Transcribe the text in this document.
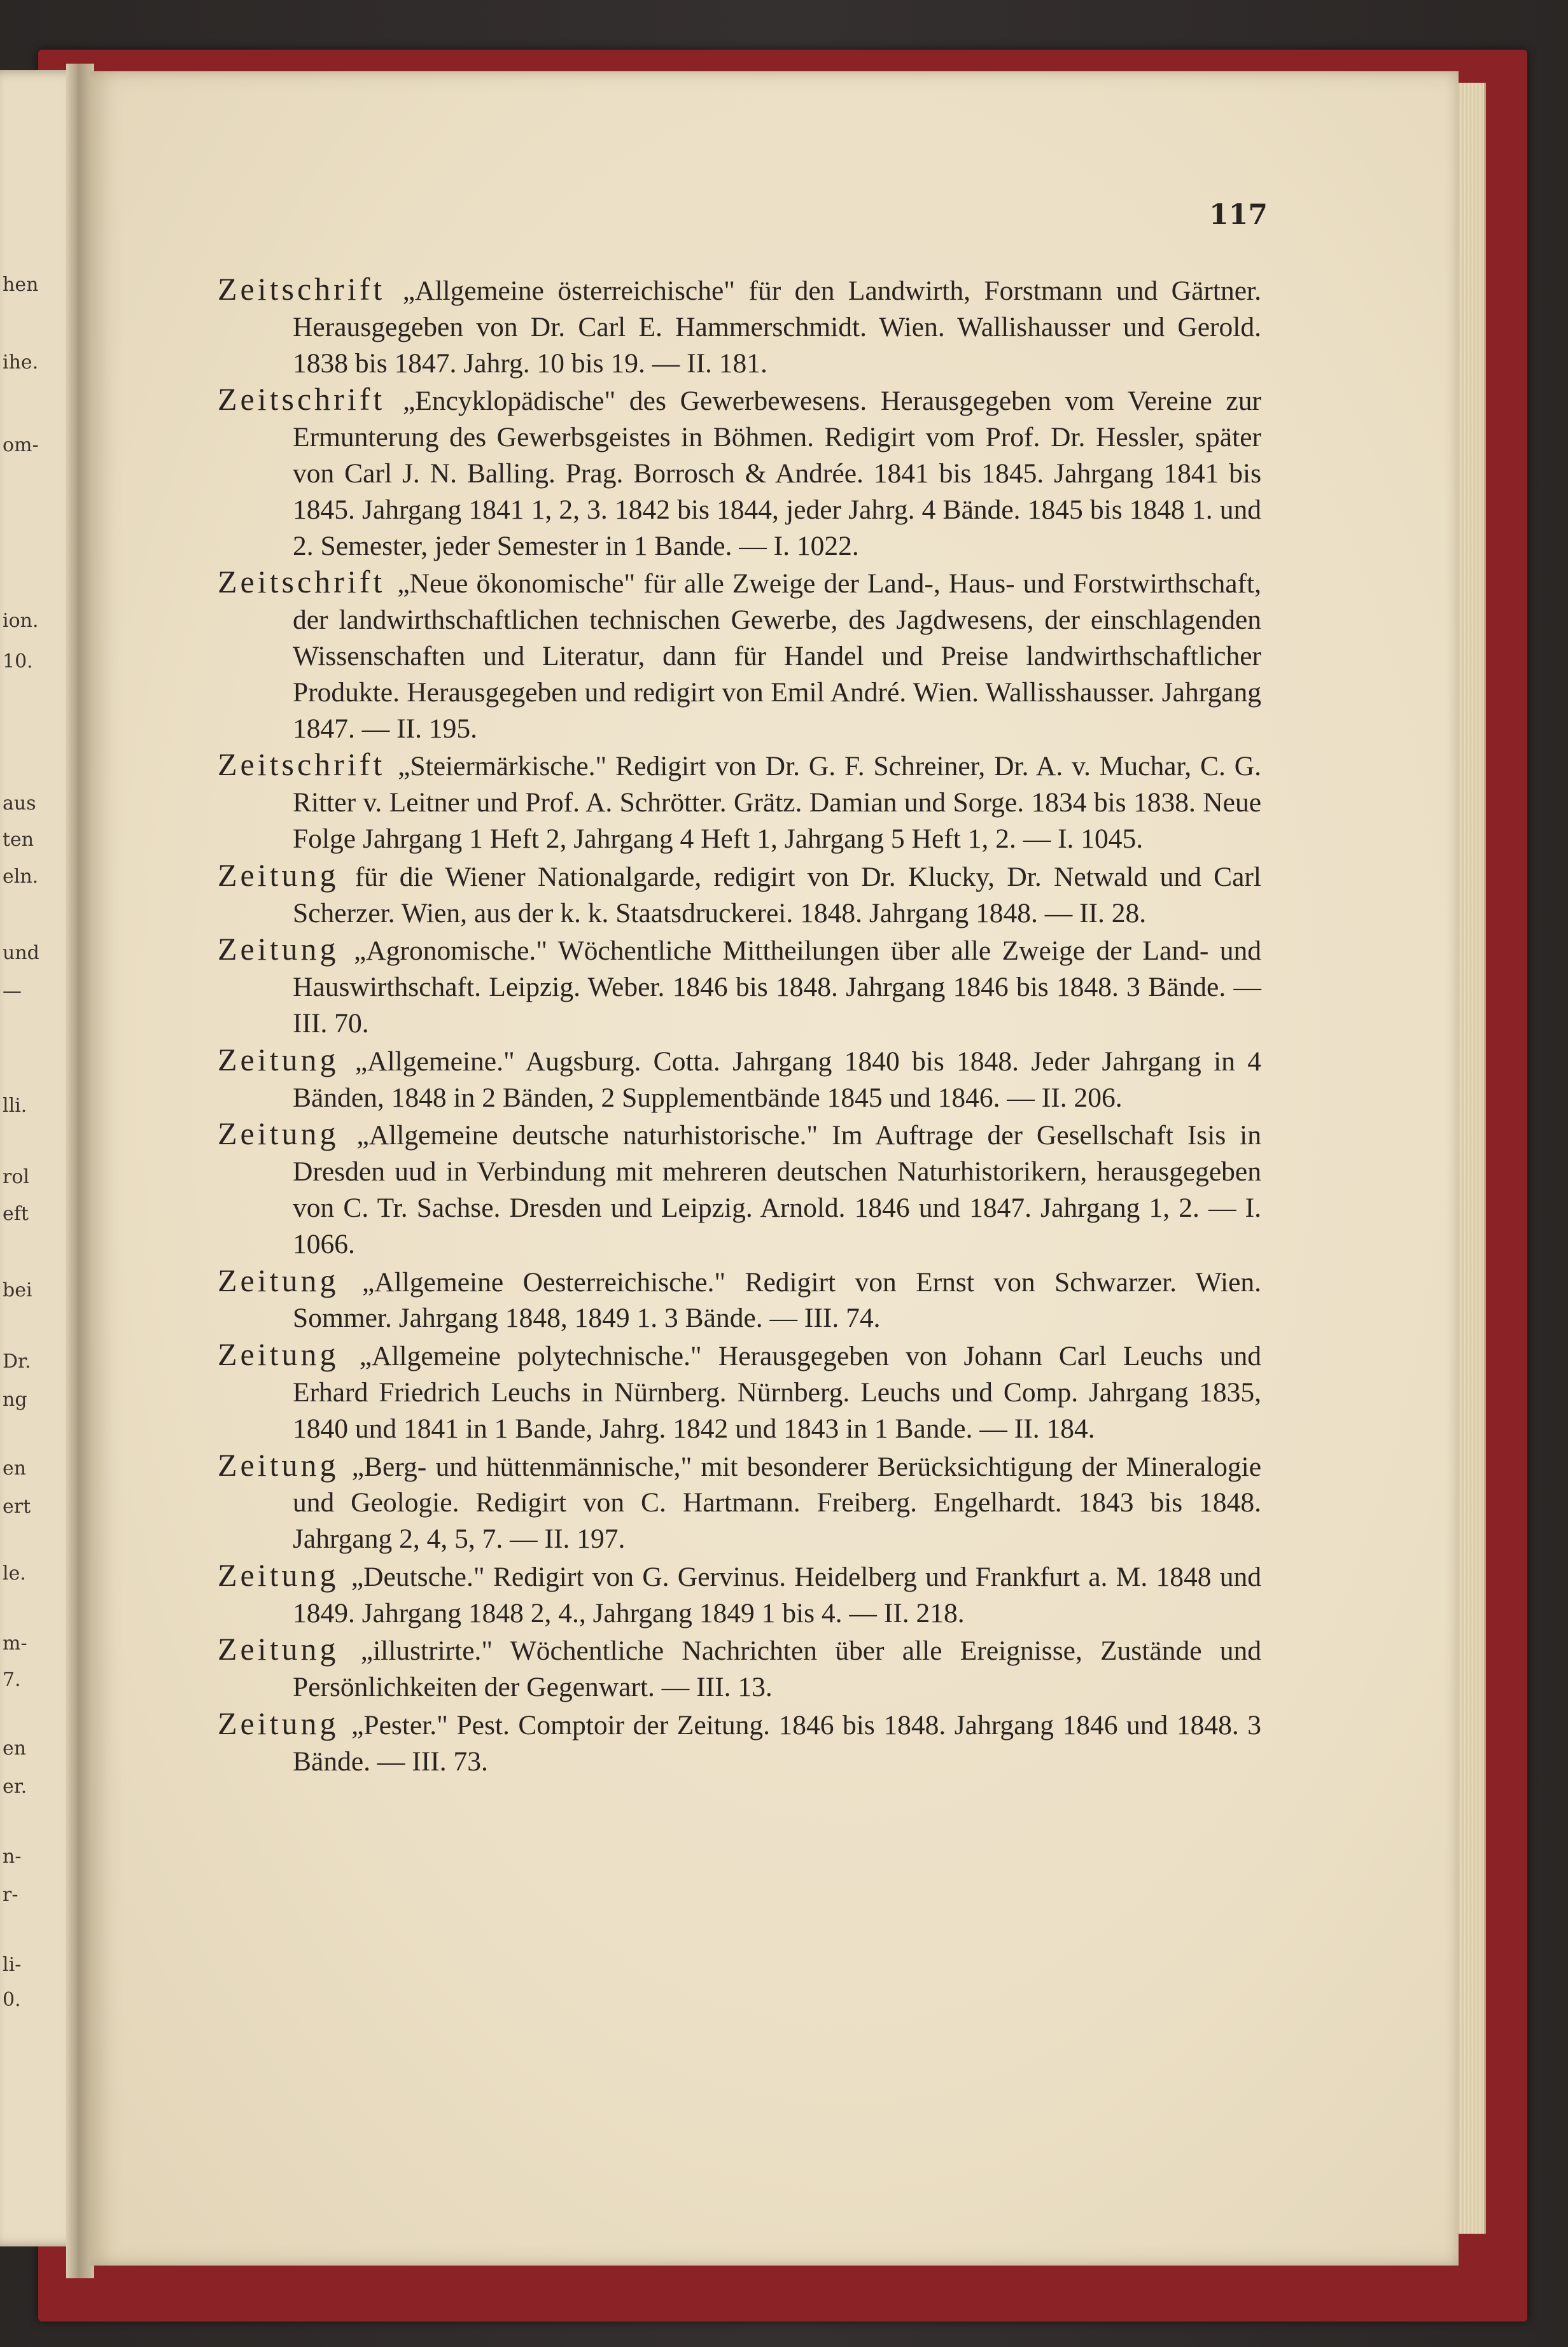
hen
ihe.
om-
ion.
10.
aus
ten
eln.
und
—
lli.
rol
eft
bei
Dr.
ng
en
ert
le.
m-
7.
en
er.
n-
r-
li-
0.
117

Zeitschrift „Allgemeine österreichische" für den Landwirth, Forstmann und Gärtner. Herausgegeben von Dr. Carl E. Hammerschmidt. Wien. Wallishausser und Gerold. 1838 bis 1847. Jahrg. 10 bis 19. — II. 181.

Zeitschrift „Encyklopädische" des Gewerbewesens. Herausgegeben vom Vereine zur Ermunterung des Gewerbsgeistes in Böhmen. Redigirt vom Prof. Dr. Hessler, später von Carl J. N. Balling. Prag. Borrosch & Andrée. 1841 bis 1845. Jahrgang 1841 bis 1845. Jahrgang 1841 1, 2, 3. 1842 bis 1844, jeder Jahrg. 4 Bände. 1845 bis 1848 1. und 2. Semester, jeder Semester in 1 Bande. — I. 1022.

Zeitschrift „Neue ökonomische" für alle Zweige der Land-, Haus- und Forstwirthschaft, der landwirthschaftlichen technischen Gewerbe, des Jagdwesens, der einschlagenden Wissenschaften und Literatur, dann für Handel und Preise landwirthschaftlicher Produkte. Herausgegeben und redigirt von Emil André. Wien. Wallisshausser. Jahrgang 1847. — II. 195.

Zeitschrift „Steiermärkische." Redigirt von Dr. G. F. Schreiner, Dr. A. v. Muchar, C. G. Ritter v. Leitner und Prof. A. Schrötter. Grätz. Damian und Sorge. 1834 bis 1838. Neue Folge Jahrgang 1 Heft 2, Jahrgang 4 Heft 1, Jahrgang 5 Heft 1, 2. — I. 1045.

Zeitung für die Wiener Nationalgarde, redigirt von Dr. Klucky, Dr. Netwald und Carl Scherzer. Wien, aus der k. k. Staatsdruckerei. 1848. Jahrgang 1848. — II. 28.

Zeitung „Agronomische." Wöchentliche Mittheilungen über alle Zweige der Land- und Hauswirthschaft. Leipzig. Weber. 1846 bis 1848. Jahrgang 1846 bis 1848. 3 Bände. — III. 70.

Zeitung „Allgemeine." Augsburg. Cotta. Jahrgang 1840 bis 1848. Jeder Jahrgang in 4 Bänden, 1848 in 2 Bänden, 2 Supplementbände 1845 und 1846. — II. 206.

Zeitung „Allgemeine deutsche naturhistorische." Im Auftrage der Gesellschaft Isis in Dresden uud in Verbindung mit mehreren deutschen Naturhistorikern, herausgegeben von C. Tr. Sachse. Dresden und Leipzig. Arnold. 1846 und 1847. Jahrgang 1, 2. — I. 1066.

Zeitung „Allgemeine Oesterreichische." Redigirt von Ernst von Schwarzer. Wien. Sommer. Jahrgang 1848, 1849 1. 3 Bände. — III. 74.

Zeitung „Allgemeine polytechnische." Herausgegeben von Johann Carl Leuchs und Erhard Friedrich Leuchs in Nürnberg. Nürnberg. Leuchs und Comp. Jahrgang 1835, 1840 und 1841 in 1 Bande, Jahrg. 1842 und 1843 in 1 Bande. — II. 184.

Zeitung „Berg- und hüttenmännische," mit besonderer Berücksichtigung der Mineralogie und Geologie. Redigirt von C. Hartmann. Freiberg. Engelhardt. 1843 bis 1848. Jahrgang 2, 4, 5, 7. — II. 197.

Zeitung „Deutsche." Redigirt von G. Gervinus. Heidelberg und Frankfurt a. M. 1848 und 1849. Jahrgang 1848 2, 4., Jahrgang 1849 1 bis 4. — II. 218.

Zeitung „illustrirte." Wöchentliche Nachrichten über alle Ereignisse, Zustände und Persönlichkeiten der Gegenwart. — III. 13.

Zeitung „Pester." Pest. Comptoir der Zeitung. 1846 bis 1848. Jahrgang 1846 und 1848. 3 Bände. — III. 73.
